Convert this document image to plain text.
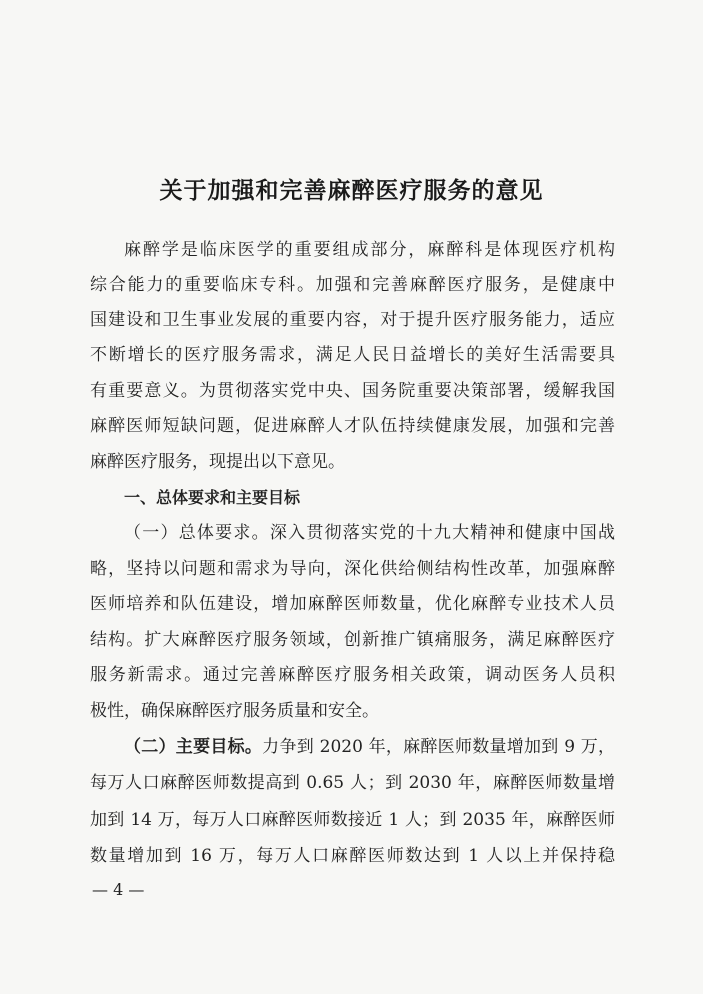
关于加强和完善麻醉医疗服务的意见
麻醉学是临床医学的重要组成部分，麻醉科是体现医疗机构
综合能力的重要临床专科。加强和完善麻醉医疗服务，是健康中
国建设和卫生事业发展的重要内容，对于提升医疗服务能力，适应
不断增长的医疗服务需求，满足人民日益增长的美好生活需要具
有重要意义。为贯彻落实党中央、国务院重要决策部署，缓解我国
麻醉医师短缺问题，促进麻醉人才队伍持续健康发展，加强和完善
麻醉医疗服务，现提出以下意见。
一、总体要求和主要目标
（一）总体要求。深入贯彻落实党的十九大精神和健康中国战
略，坚持以问题和需求为导向，深化供给侧结构性改革，加强麻醉
医师培养和队伍建设，增加麻醉医师数量，优化麻醉专业技术人员
结构。扩大麻醉医疗服务领域，创新推广镇痛服务，满足麻醉医疗
服务新需求。通过完善麻醉医疗服务相关政策，调动医务人员积
极性，确保麻醉医疗服务质量和安全。
（二）主要目标。力争到 2020 年，麻醉医师数量增加到 9 万，
每万人口麻醉医师数提高到 0.65 人；到 2030 年，麻醉医师数量增
加到 14 万，每万人口麻醉医师数接近 1 人；到 2035 年，麻醉医师
数量增加到 16 万，每万人口麻醉医师数达到 1 人以上并保持稳
— 4 —
